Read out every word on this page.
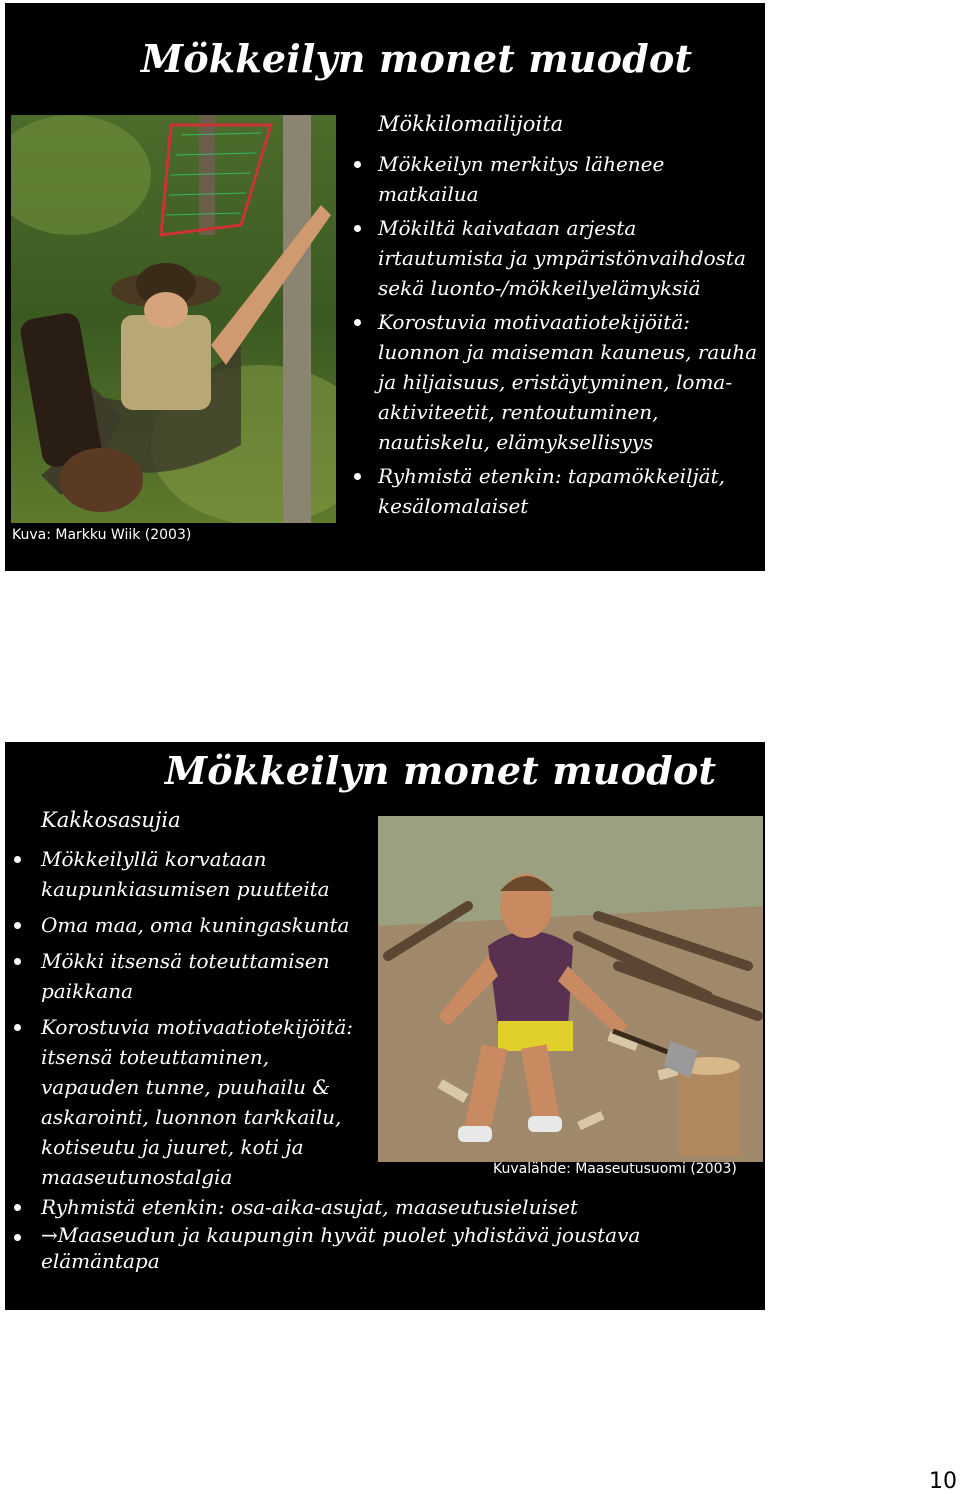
Mökkeilyn monet muodot
Kuva: Markku Wiik (2003)
Mökkilomailijoita
Mökkeilyn merkitys lähenee matkailua
Mökiltä kaivataan arjesta irtautumista ja ympäristönvaihdosta sekä luonto-/mökkeilyelämyksiä
Korostuvia motivaatiotekijöitä: luonnon ja maiseman kauneus, rauha ja hiljaisuus, eristäytyminen, loma-aktiviteetit, rentoutuminen, nautiskelu, elämyksellisyys
Ryhmistä etenkin: tapamökkeiljät, kesälomalaiset
Mökkeilyn monet muodot
Kuvalähde: Maaseutusuomi (2003)
Kakkosasujia
Mökkeilyllä korvataan kaupunkiasumisen puutteita
Oma maa, oma kuningaskunta
Mökki itsensä toteuttamisen paikkana
Korostuvia motivaatiotekijöitä: itsensä toteuttaminen, vapauden tunne, puuhailu & askarointi, luonnon tarkkailu, kotiseutu ja juuret, koti ja maaseutunostalgia
Ryhmistä etenkin: osa-aika-asujat, maaseutusieluiset
→Maaseudun ja kaupungin hyvät puolet yhdistävä joustava elämäntapa
10
